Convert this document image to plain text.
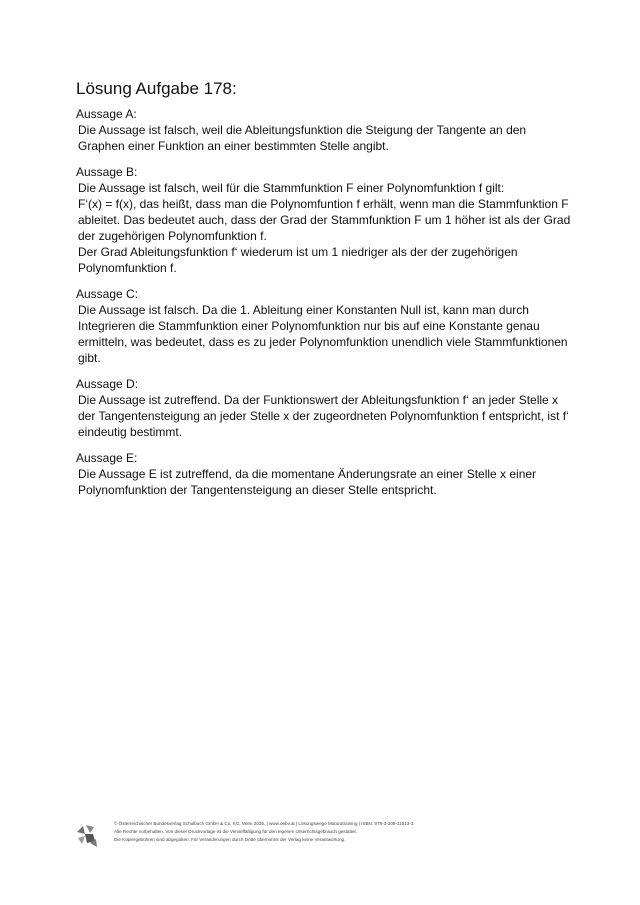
Lösung Aufgabe 178:
Aussage A:
Die Aussage ist falsch, weil die Ableitungsfunktion die Steigung der Tangente an den Graphen einer Funktion an einer bestimmten Stelle angibt.
Aussage B:
Die Aussage ist falsch, weil für die Stammfunktion F einer Polynomfunktion f gilt:
F‘(x) = f(x), das heißt, dass man die Polynomfuntion f erhält, wenn man die Stammfunktion F ableitet. Das bedeutet auch, dass der Grad der Stammfunktion F um 1 höher ist als der Grad der zugehörigen Polynomfunktion f.
Der Grad Ableitungsfunktion f‘ wiederum ist um 1 niedriger als der der zugehörigen Polynomfunktion f.
Aussage C:
Die Aussage ist falsch. Da die 1. Ableitung einer Konstanten Null ist, kann man durch Integrieren die Stammfunktion einer Polynomfunktion nur bis auf eine Konstante genau ermitteln, was bedeutet, dass es zu jeder Polynomfunktion unendlich viele Stammfunktionen gibt.
Aussage D:
Die Aussage ist zutreffend. Da der Funktionswert der Ableitungsfunktion f‘ an jeder Stelle x der Tangentensteigung an jeder Stelle x der zugeordneten Polynomfunktion f entspricht, ist f‘ eindeutig bestimmt.
Aussage E:
Die Aussage E ist zutreffend, da die momentane Änderungsrate an einer Stelle x einer Polynomfunktion der Tangentensteigung an dieser Stelle entspricht.
© Österreichischer Bundesverlag Schulbuch GmbH & Co. KG, Wien 2025. | www.oebv.at | Lösungswege Maturatraining | ISBN: 978-3-209-11513-3
Alle Rechte vorbehalten. Von dieser Druckvorlage ist die Vervielfältigung für den eigenen Unterrichtsgebrauch gestattet.
Die Kopiergebühren sind abgegolten. Für Veränderungen durch Dritte übernimmt der Verlag keine Verantwortung.
